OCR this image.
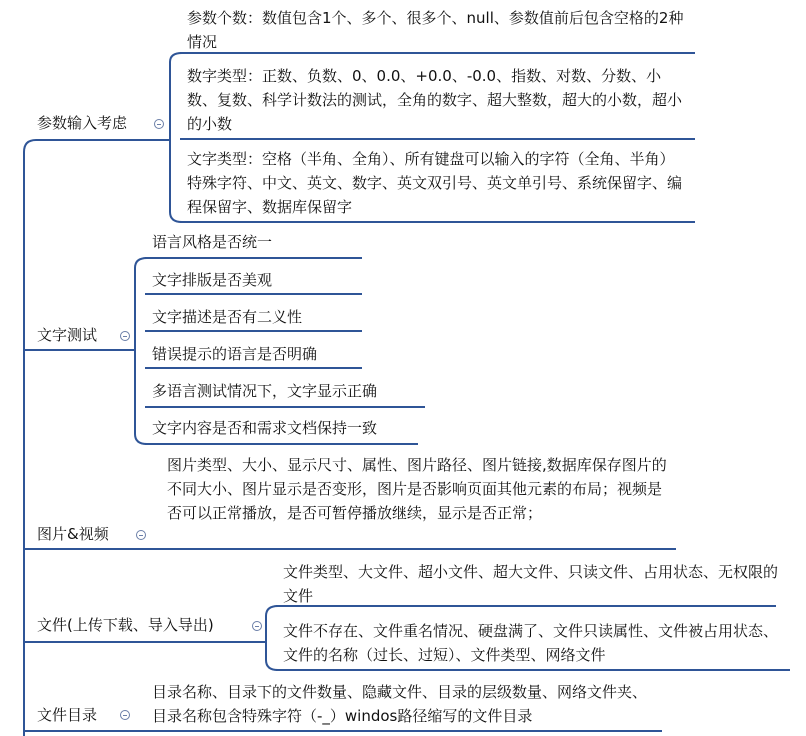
参数输入考虑

参数个数：数值包含1个、多个、很多个、null、参数值前后包含空格的2种情况

数字类型：正数、负数、0、0.0、+0.0、-0.0、指数、对数、分数、小数、复数、科学计数法的测试，全角的数字、超大整数，超大的小数，超小的小数

文字类型：空格（半角、全角）、所有键盘可以输入的字符（全角、半角）特殊字符、中文、英文、数字、英文双引号、英文单引号、系统保留字、编程保留字、数据库保留字

文字测试

语言风格是否统一

文字排版是否美观

文字描述是否有二义性

错误提示的语言是否明确

多语言测试情况下，文字显示正确

文字内容是否和需求文档保持一致

图片&视频

图片类型、大小、显示尺寸、属性、图片路径、图片链接,数据库保存图片的不同大小、图片显示是否变形，图片是否影响页面其他元素的布局；视频是否可以正常播放，是否可暂停播放继续，显示是否正常；

文件(上传下载、导入导出)

文件类型、大文件、超小文件、超大文件、只读文件、占用状态、无权限的文件

文件不存在、文件重名情况、硬盘满了、文件只读属性、文件被占用状态、文件的名称（过长、过短）、文件类型、网络文件

文件目录

目录名称、目录下的文件数量、隐藏文件、目录的层级数量、网络文件夹、目录名称包含特殊字符（-_）windos路径缩写的文件目录
